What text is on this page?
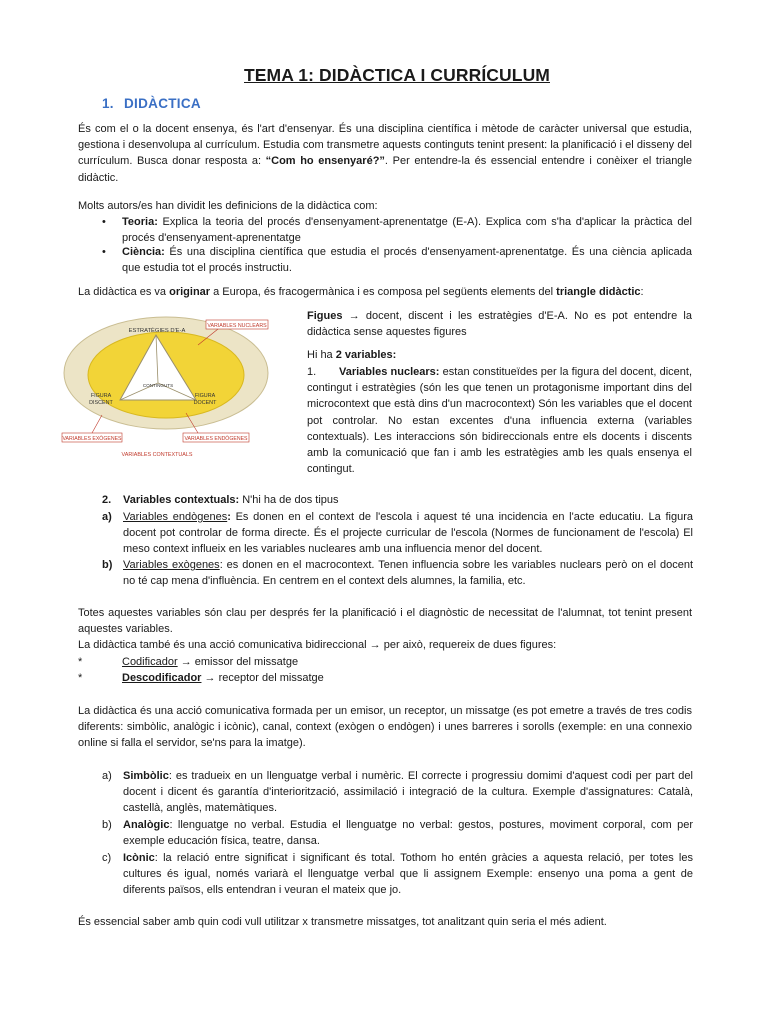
TEMA 1: DIDÀCTICA I CURRÍCULUM
1. DIDÀCTICA

És com el o la docent ensenya, és l'art d'ensenyar. És una disciplina científica i mètode de caràcter universal que estudia, gestiona i desenvolupa al currículum. Estudia com transmetre aquests continguts tenint present: la planificació i el disseny del currículum. Busca donar resposta a: “Com ho ensenyaré?”. Per entendre-la és essencial entendre i conèixer el triangle didàctic.

Molts autors/es han dividit les definicions de la didàctica com:

• Teoria: Explica la teoria del procés d'ensenyament-aprenentatge (E-A). Explica com s'ha d'aplicar la pràctica del procés d'ensenyament-aprenentatge

• Ciència: És una disciplina científica que estudia el procés d'ensenyament-aprenentatge. És una ciència aplicada que estudia tot el procés instructiu.

La didàctica es va originar a Europa, és fracogermànica i es composa pel següents elements del triangle didàctic:

ESTRATÈGIES D'E-A
VARIABLES NUCLEARS
CONTINGUTS
FIGURA
DISCENT
FIGURA
DOCENT
VARIABLES EXÒGENES	VARIABLES ENDÒGENES
VARIABLES CONTEXTUALS

Figues → docent, discent i les estratègies d'E-A. No es pot entendre la didàctica sense aquestes figures

Hi ha 2 variables:

1.	Variables nuclears: estan constitueïdes per la figura del docent, dicent, contingut i estratègies (són les que tenen un protagonisme important dins del microcontext que està dins d'un macrocontext) Són les variables que el docent pot controlar. No estan excentes d'una influencia externa (variables contextuals). Les interaccions són bidireccionals entre els docents i discents amb la comunicació que fan i amb les estratègies amb les quals ensenya el contingut.

2. Variables contextuals: N'hi ha de dos tipus

a) Variables endògenes: Es donen en el context de l'escola i aquest té una incidencia en l'acte educatiu. La figura docent pot controlar de forma directe. És el projecte curricular de l'escola (Normes de funcionament de l'escola) El meso context influeix en les variables nucleares amb una influencia menor del docent.

b) Variables exògenes: es donen en el macrocontext. Tenen influencia sobre les variables nuclears però on el docent no té cap mena d'influència. En centrem en el context dels alumnes, la familia, etc.

Totes aquestes variables són clau per després fer la planificació i el diagnòstic de necessitat de l'alumnat, tot tenint present aquestes variables.

La didàctica també és una acció comunicativa bidireccional → per això, requereix de dues figures:

*	Codificador → emissor del missatge

*	Descodificador → receptor del missatge

La didàctica és una acció comunicativa formada per un emisor, un receptor, un missatge (es pot emetre a través de tres codis diferents: simbòlic, analògic i icònic), canal, context (exògen o endògen) i unes barreres i sorolls (exemple: en una connexio online si falla el servidor, se'ns para la imatge).

a) Simbòlic: es tradueix en un llenguatge verbal i numèric. El correcte i progressiu domimi d'aquest codi per part del docent i dicent és garantía d'interiorització, assimilació i integració de la cultura. Exemple d'assignatures: Català, castellà, anglès, matemàtiques.

b) Analògic: llenguatge no verbal. Estudia el llenguatge no verbal: gestos, postures, moviment corporal, com per exemple educación física, teatre, dansa.

c) Icònic: la relació entre significat i significant és total. Tothom ho entén gràcies a aquesta relació, per totes les cultures és igual, només variarà el llenguatge verbal que li assignem Exemple: ensenyo una poma a gent de diferents països, ells entendran i veuran el mateix que jo.

És essencial saber amb quin codi vull utilitzar x transmetre missatges, tot analitzant quin seria el més adient.
